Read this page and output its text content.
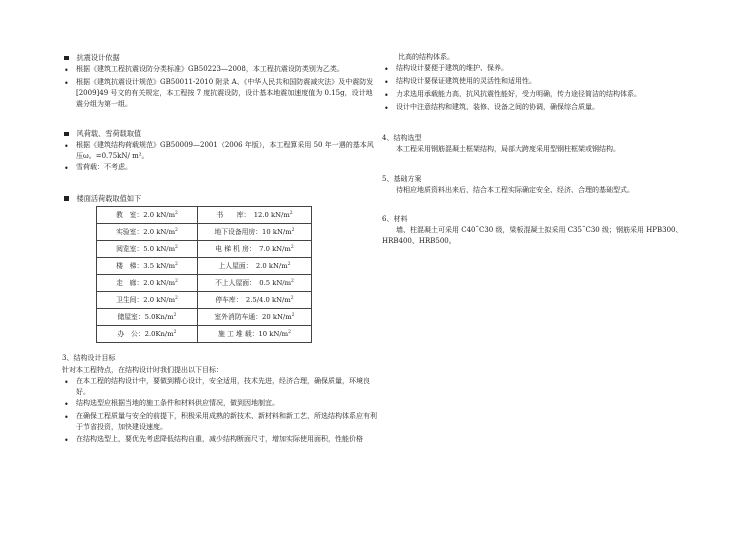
抗震设计依据
•	根据《建筑工程抗震设防分类标准》GB50223—2008，本工程抗震设防类别为乙类。
•	根据《建筑抗震设计规范》GB50011-2010 附录 A、《中华人民共和国防震减灾法》及中震防发[2009]49 号文的有关规定，本工程按 7 度抗震设防，设计基本地震加速度值为 0.15g，设计地震分组为第一组。
风荷载、雪荷载取值
•	根据《建筑结构荷载规范》GB50009—2001（2006 年版），本工程算采用 50 年一遇的基本风压ω。=0.75kN/ m²。
•	雪荷载：不考虑。
楼面活荷载取值如下
教　室：2.0 $kN/m^2$	书　　库：　12.0 $kN/m^2$
实验室：2.0 $kN/m^2$	地下设备用房：10 $kN/m^2$
阅览室：5.0 $kN/m^2$	电 梯 机 房：　7.0 $kN/m^2$
楼　梯：3.5 $kN/m^2$	上人屋面：　2.0 $kN/m^2$
走　廊：2.0 $kN/m^2$	不上人屋面：　0.5 $kN/m^2$
卫生间：2.0 $kN/m^2$	停车库：　2.5/4.0 $kN/m^2$
储屋室：$5.0Kn/m^2$	室外消防车通：20 $kN/m^2$
办　公：$2.0Kn/m^2$	施 工 堆 载：10 $kN/m^2$
3、结构设计目标
针对本工程特点，在结构设计时我们提出以下目标：
•	在本工程的结构设计中，要做到精心设计，安全适用，技术先进，经济合理，确保质量，环境良好。
•	结构选型应根据当地的施工条件和材料供应情况，做到因地制宜。
•	在确保工程质量与安全的前提下，积极采用成熟的新技术、新材料和新工艺，所选结构体系应有利于节省投资，加快建设速度。
•	在结构选型上，要优先考虑降低结构自重，减少结构断面尺寸，增加实际使用面积，性能价格
比高的结构体系。
•	结构设计要便于建筑的维护、保养。
•	结构设计要保证建筑使用的灵活性和适用性。
•	力求选用承载能力高，抗风抗震性能好，受力明确，传力途径简洁的结构体系。
•	设计中注意结构和建筑、装修、设备之间的协调，确保综合质量。
4、结构选型
本工程采用钢筋混凝土框架结构，局部大跨度采用型钢柱框架或钢结构。
5、基础方案
待相应地质资料出来后，结合本工程实际确定安全、经济、合理的基础型式。
6、材料
墙、柱混凝土可采用 C40˜C30 级，梁板混凝土拟采用 C35˜C30 级；钢筋采用 HPB300、HRB400、HRB500。
